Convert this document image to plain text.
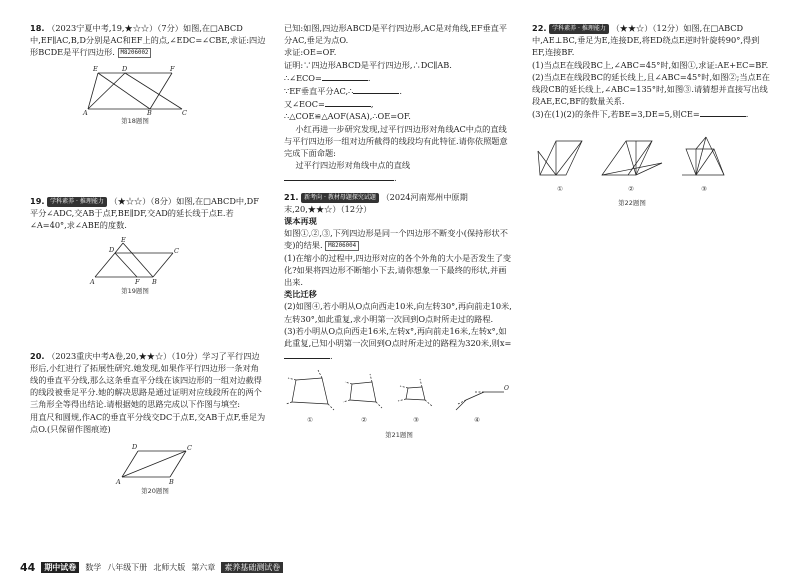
18. （2023宁夏中考,19,★☆☆）（7分）如图,在□ABCD中,EF∥AC,B,D分别是AC和EF上的点,∠EDC=∠CBE,求证:四边形BCDE是平行四边形. M8206002

E	D	F
A	B	C
第18题图

19. 学科素养 · 推理能力 （★☆☆）（8分）如图,在□ABCD中,DF平分∠ADC,交AB于点F,BE∥DF,交AD的延长线于点E.若∠A=40°,求∠ABE的度数.

E
D	C
A	F B
第19题图

20. （2023重庆中考A卷,20,★★☆）（10分）学习了平行四边形后,小红进行了拓展性研究.她发现,如果作平行四边形一条对角线的垂直平分线,那么这条垂直平分线在该四边形的一组对边截得的线段被垂足平分.她的解决思路是通过证明对应线段所在的两个三角形全等得出结论.请根据她的思路完成以下作图与填空:

用直尺和圆规,作AC的垂直平分线交DC于点E,交AB于点F,垂足为点O.(只保留作图痕迹)

D	C
A	B
第20题图

已知:如图,四边形ABCD是平行四边形,AC是对角线,EF垂直平分AC,垂足为点O.

求证:OE=OF.

证明:∵四边形ABCD是平行四边形,∴DC∥AB.

∴∠ECO=	.

∵EF垂直平分AC,∴	.

又∠EOC=	,

∴△COE≌△AOF(ASA),∴OE=OF.

小红再进一步研究发现,过平行四边形对角线AC中点的直线与平行四边形一组对边所截得的线段均有此特征.请你依照题意完成下面命题:

过平行四边形对角线中点的直线.

21. 新考向 · 教材母题探究试题 （2024河南郑州中原期末,20,★★☆）（12分）

课本再现

如图①,②,③,下列四边形是同一个四边形不断变小(保持形状不变)的结果. M8206004

(1)在缩小的过程中,四边形对应的各个外角的大小是否发生了变化?如果将四边形不断缩小下去,请你想象一下最终的形状,并画出来.

类比迁移

(2)如图④,若小明从O点向西走10米,向左转30°,再向前走10米,左转30°,如此重复,求小明第一次回到O点时所走过的路程.

(3)若小明从O点向西走16米,左转x°,再向前走16米,左转x°,如此重复,已知小明第一次回到O点时所走过的路程为320米,则x=.

①	②	③
O
④
第21题图

22. 学科素养 · 推理能力 （★★☆）（12分）如图,在□ABCD中,AE⊥BC,垂足为E,连接DE,将ED绕点E逆时针旋转90°,得到EF,连接BF.

(1)当点E在线段BC上,∠ABC=45°时,如图①,求证:AE+EC=BF.

(2)当点E在线段BC的延长线上,且∠ABC=45°时,如图②;当点E在线段CB的延长线上,∠ABC=135°时,如图③.请猜想并直接写出线段AE,EC,BF的数量关系.

(3)在(1)(2)的条件下,若BE=3,DE=5,则CE=	.

①	②	③
第22题图
44	期中试卷	数学 八年级下册 北师大版 第六章	素养基础测试卷
